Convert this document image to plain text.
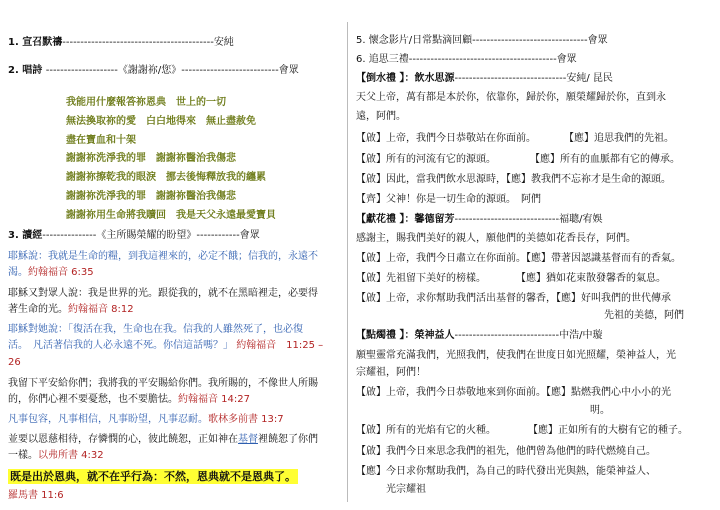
1. 宣召默禱------------------------------------------安純
2. 唱詩 --------------------《謝謝祢/您》---------------------------會眾
我能用什麼報答祢恩典　世上的一切
無法換取祢的愛　白白地得來　無止盡赦免
盡在寶血和十架
謝謝祢洗淨我的罪　謝謝祢醫治我傷悲
謝謝祢擦乾我的眼淚　挪去後悔釋放我的纏累
謝謝祢洗淨我的罪　謝謝祢醫治我傷悲
謝謝祢用生命將我贖回　我是天父永遠最愛寶貝
3. 讀經---------------《主所賜榮耀的盼望》------------會眾
耶穌說：我就是生命的糧，到我這裡來的，必定不餓；信我的，永遠不
渴。約翰福音 6:35
耶穌又對眾人說：我是世界的光。跟從我的，就不在黑暗裡走，必要得
著生命的光。約翰福音 8:12
耶穌對她說：「復活在我，生命也在我。信我的人雖然死了，也必復
活。　凡活著信我的人必永遠不死。你信這話嗎？」 約翰福音　11:25 –
26
我留下平安給你們；我將我的平安賜給你們。我所賜的，不像世人所賜
的，你們心裡不要憂愁，也不要膽怯。約翰福音 14:27
凡事包容，凡事相信，凡事盼望，凡事忍耐。歌林多前書 13:7
並要以恩慈相待，存憐憫的心，彼此饒恕，正如神在基督裡饒恕了你們
一樣。以弗所書 4:32
既是出於恩典，就不在乎行為：不然，恩典就不是恩典了。
羅馬書 11:6
5. 懷念影片/日常點滴回顧--------------------------------會眾
6. 追思三禮-----------------------------------------會眾
【倒水禮 】：飲水思源-------------------------------安純/ 昆民
天父上帝，萬有都是本於你，依靠你，歸於你，願榮耀歸於你，直到永
遠，阿們。
【啟】上帝，我們今日恭敬站在你面前。	【應】追思我們的先祖。
【啟】所有的河流有它的源頭。	【應】所有的血脈都有它的傳承。
【啟】因此，當我們飲水思源時，【應】教我們不忘祢才是生命的源頭。
【齊】父神！你是一切生命的源頭。　阿們
【獻花禮 】：馨德留芳-----------------------------福聰/宥娛
感謝主，賜我們美好的親人，願他們的美德如花香長存，阿們。
【啟】上帝，我們今日肅立在你面前。【應】帶著因認識基督而有的香氣。
【啟】先祖留下美好的榜樣。　　　　【應】猶如花束散發馨香的氣息。
【啟】上帝，求你幫助我們活出基督的馨香，【應】好叫我們的世代傳承
先祖的美德，阿們
【點燭禮 】：榮神益人-----------------------------中浩/中璇
願聖靈常充滿我們，光照我們，使我們在世度日如光照耀，榮神益人，光
宗耀祖，阿們！
【啟】上帝，我們今日恭敬地來到你面前。【應】點燃我們心中小小的光
明。
【啟】所有的光焰有它的火種。	【應】正如所有的大樹有它的種子。
【啟】我們今日來思念我們的祖先，他們曾為他們的時代燃燒自己。
【應】今日求你幫助我們，為自己的時代發出光與熱，能榮神益人、
光宗耀祖
